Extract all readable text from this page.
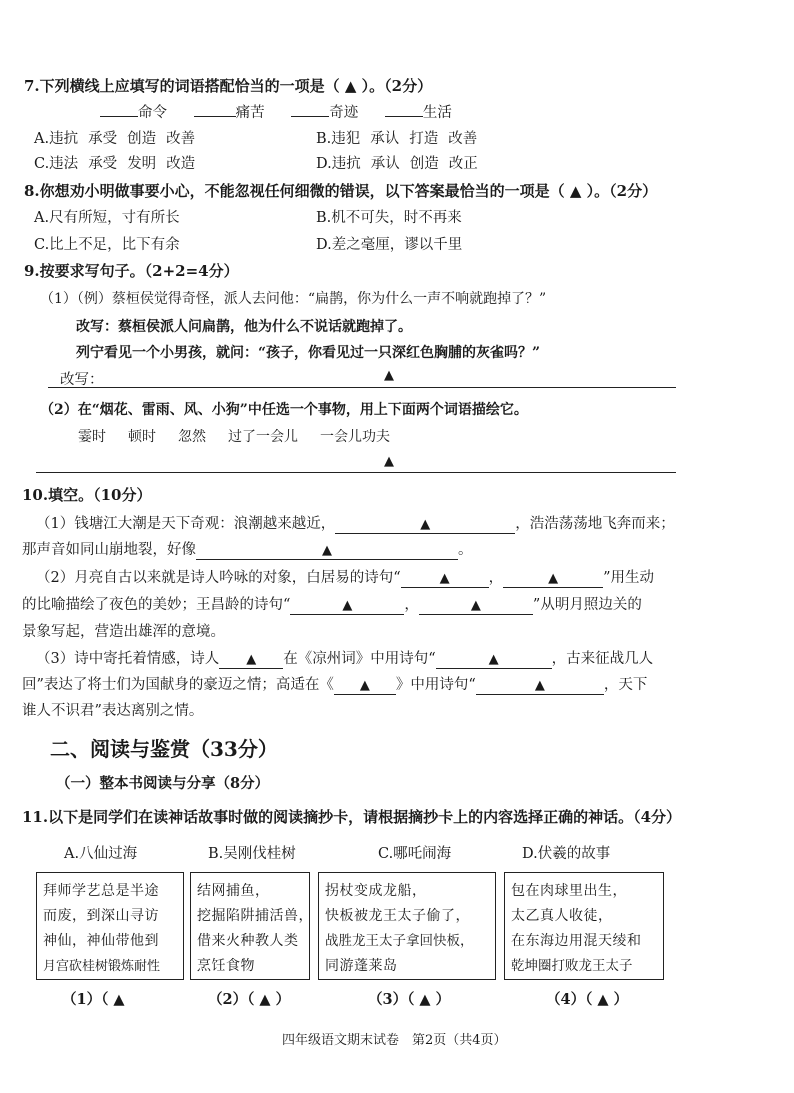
7.下列横线上应填写的词语搭配恰当的一项是（ ▲ ）。（2分）
命令	痛苦	奇迹	生活
A.违抗 承受 创造 改善	B.违犯 承认 打造 改善
C.违法 承受 发明 改造	D.违抗 承认 创造 改正
8.你想劝小明做事要小心，不能忽视任何细微的错误，以下答案最恰当的一项是（ ▲ ）。（2分）
A.尺有所短，寸有所长	B.机不可失，时不再来
C.比上不足，比下有余	D.差之毫厘，谬以千里
9.按要求写句子。（2+2=4分）
（1）（例）蔡桓侯觉得奇怪，派人去问他：“扁鹊，你为什么一声不响就跑掉了？”
改写：蔡桓侯派人问扁鹊，他为什么不说话就跑掉了。
列宁看见一个小男孩，就问：“孩子，你看见过一只深红色胸脯的灰雀吗？”
改写：	▲
（2）在“烟花、雷雨、风、小狗”中任选一个事物，用上下面两个词语描绘它。
霎时 顿时 忽然 过了一会儿 一会儿功夫
▲
10.填空。（10分）
（1）钱塘江大潮是天下奇观：浪潮越来越近，	▲	，浩浩荡荡地飞奔而来；
那声音如同山崩地裂，好像	▲	。
（2）月亮自古以来就是诗人吟咏的对象，白居易的诗句“	▲	，	▲	”用生动
的比喻描绘了夜色的美妙；王昌龄的诗句“	▲	，	▲	”从明月照边关的
景象写起，营造出雄浑的意境。
（3）诗中寄托着情感，诗人 ▲ 在《凉州词》中用诗句“	▲	，古来征战几人
回”表达了将士们为国献身的豪迈之情；高适在《 ▲ 》中用诗句“	▲	，天下
谁人不识君”表达离别之情。
二、阅读与鉴赏（33分）
（一）整本书阅读与分享（8分）
11.以下是同学们在读神话故事时做的阅读摘抄卡，请根据摘抄卡上的内容选择正确的神话。（4分）
A.八仙过海	B.吴刚伐桂树	C.哪吒闹海	D.伏羲的故事
拜师学艺总是半途
而废，到深山寻访
神仙，神仙带他到
月宫砍桂树锻炼耐性
结网捕鱼，
挖掘陷阱捕活兽，
借来火种教人类
烹饪食物
拐杖变成龙船，
快板被龙王太子偷了，
战胜龙王太子拿回快板，
同游蓬莱岛
包在肉球里出生，
太乙真人收徒，
在东海边用混天绫和
乾坤圈打败龙王太子
（1）（ ▲	（2）（ ▲ ）	（3）（ ▲ ）	（4）（ ▲ ）
四年级语文期末试卷　第2页（共4页）
